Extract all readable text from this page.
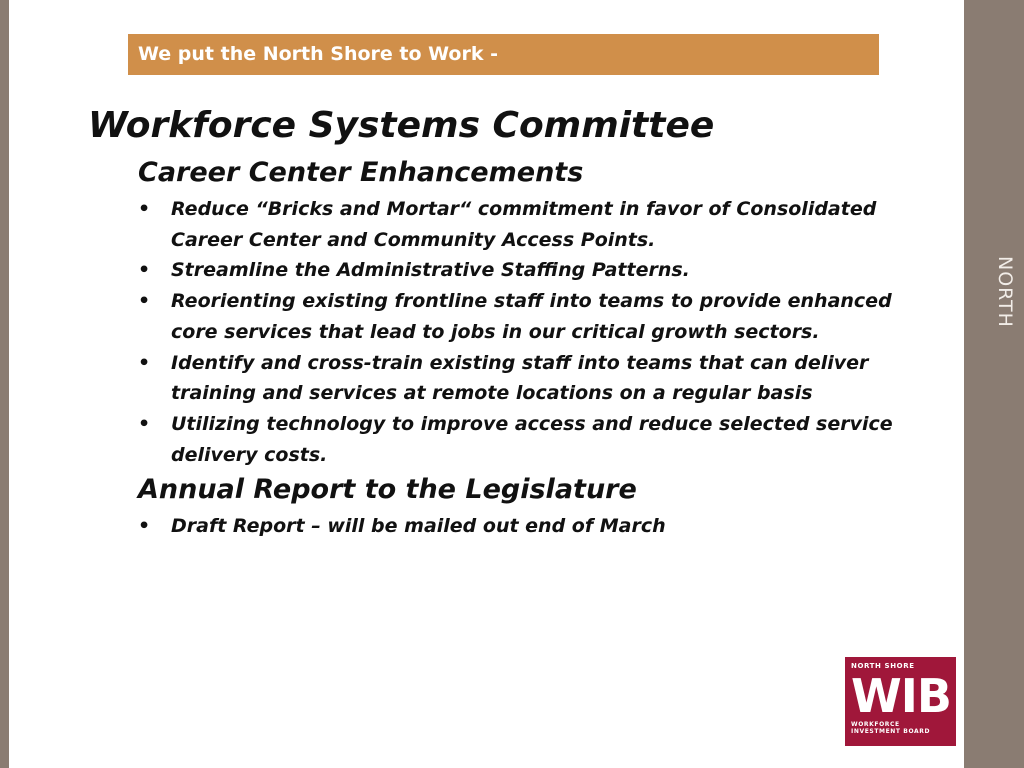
NORTH
We put the North Shore to Work -
Workforce Systems Committee
Career Center Enhancements
• Reduce “Bricks and Mortar“ commitment in favor of Consolidated
Career Center and Community Access Points.
• Streamline the Administrative Staffing Patterns.
• Reorienting existing frontline staff into teams to provide enhanced
core services that lead to jobs in our critical growth sectors.
• Identify and cross-train existing staff into teams that can deliver
training and services at remote locations on a regular basis
• Utilizing technology to improve access and reduce selected service
delivery costs.
Annual Report to the Legislature
• Draft Report – will be mailed out end of March
NORTH SHORE
WIB
WORKFORCE
INVESTMENT BOARD
